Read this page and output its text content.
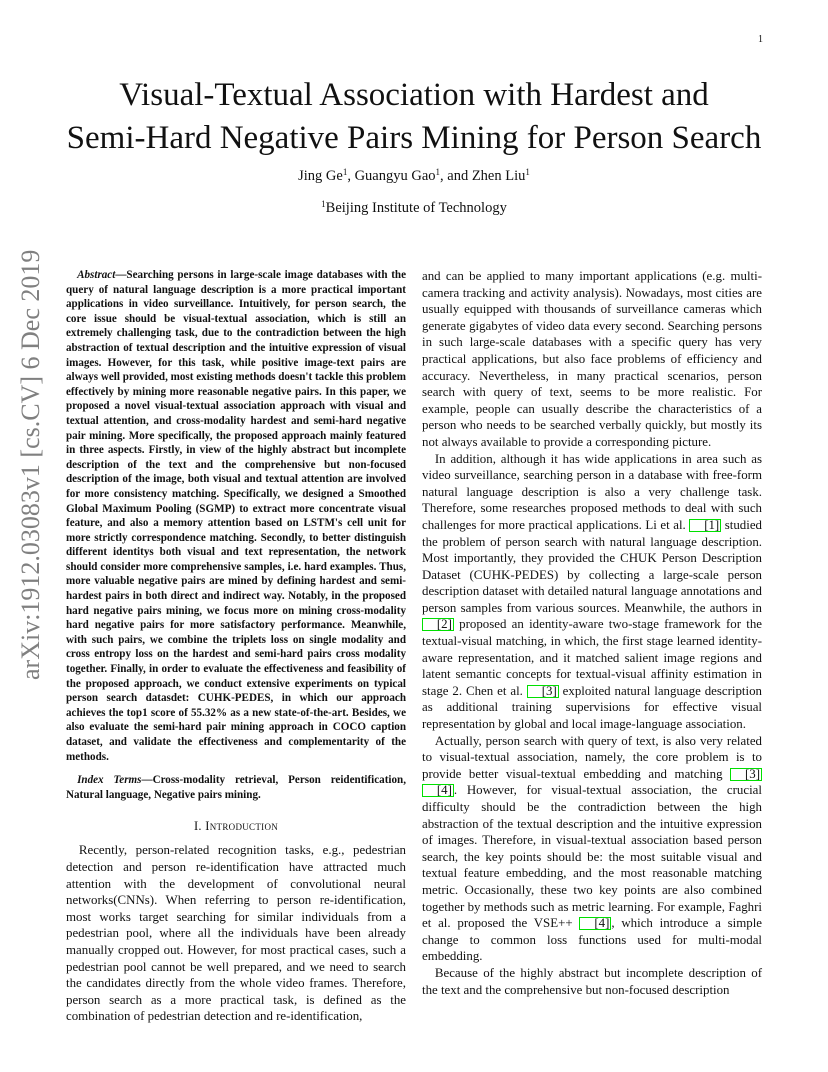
1
arXiv:1912.03083v1 [cs.CV] 6 Dec 2019
Visual-Textual Association with Hardest and
Semi-Hard Negative Pairs Mining for Person Search
Jing Ge$^1$, Guangyu Gao$^1$, and Zhen Liu$^1$
$^1$Beijing Institute of Technology

Abstract—Searching persons in large-scale image databases with the query of natural language description is a more practical important applications in video surveillance. Intuitively, for person search, the core issue should be visual-textual association, which is still an extremely challenging task, due to the contradiction between the high abstraction of textual description and the intuitive expression of visual images. However, for this task, while positive image-text pairs are always well provided, most existing methods doesn't tackle this problem effectively by mining more reasonable negative pairs. In this paper, we proposed a novel visual-textual association approach with visual and textual attention, and cross-modality hardest and semi-hard negative pair mining. More specifically, the proposed approach mainly featured in three aspects. Firstly, in view of the highly abstract but incomplete description of the text and the comprehensive but non-focused description of the image, both visual and textual attention are involved for more consistency matching. Specifically, we designed a Smoothed Global Maximum Pooling (SGMP) to extract more concentrate visual feature, and also a memory attention based on LSTM's cell unit for more strictly correspondence matching. Secondly, to better distinguish different identitys both visual and text representation, the network should consider more comprehensive samples, i.e. hard examples. Thus, more valuable negative pairs are mined by defining hardest and semi-hardest pairs in both direct and indirect way. Notably, in the proposed hard negative pairs mining, we focus more on mining cross-modality hard negative pairs for more satisfactory performance. Meanwhile, with such pairs, we combine the triplets loss on single modality and cross entropy loss on the hardest and semi-hard pairs cross modality together. Finally, in order to evaluate the effectiveness and feasibility of the proposed approach, we conduct extensive experiments on typical person search datasdet: CUHK-PEDES, in which our approach achieves the top1 score of 55.32% as a new state-of-the-art. Besides, we also evaluate the semi-hard pair mining approach in COCO caption dataset, and validate the effectiveness and complementarity of the methods.

Index Terms—Cross-modality retrieval, Person reidentification, Natural language, Negative pairs mining.

I. Introduction

Recently, person-related recognition tasks, e.g., pedestrian detection and person re-identification have attracted much attention with the development of convolutional neural networks(CNNs). When referring to person re-identification, most works target searching for similar individuals from a pedestrian pool, where all the individuals have been already manually cropped out. However, for most practical cases, such a pedestrian pool cannot be well prepared, and we need to search the candidates directly from the whole video frames. Therefore, person search as a more practical task, is defined as the combination of pedestrian detection and re-identification,

and can be applied to many important applications (e.g. multi-camera tracking and activity analysis). Nowadays, most cities are usually equipped with thousands of surveillance cameras which generate gigabytes of video data every second. Searching persons in such large-scale databases with a specific query has very practical applications, but also face problems of efficiency and accuracy. Nevertheless, in many practical scenarios, person search with query of text, seems to be more realistic. For example, people can usually describe the characteristics of a person who needs to be searched verbally quickly, but mostly its not always available to provide a corresponding picture.

In addition, although it has wide applications in area such as video surveillance, searching person in a database with free-form natural language description is also a very challenge task. Therefore, some researches proposed methods to deal with such challenges for more practical applications. Li et al. [1] studied the problem of person search with natural language description. Most importantly, they provided the CHUK Person Description Dataset (CUHK-PEDES) by collecting a large-scale person description dataset with detailed natural language annotations and person samples from various sources. Meanwhile, the authors in [2] proposed an identity-aware two-stage framework for the textual-visual matching, in which, the first stage learned identity-aware representation, and it matched salient image regions and latent semantic concepts for textual-visual affinity estimation in stage 2. Chen et al. [3] exploited natural language description as additional training supervisions for effective visual representation by global and local image-language association.

Actually, person search with query of text, is also very related to visual-textual association, namely, the core problem is to provide better visual-textual embedding and matching [3] [4] . However, for visual-textual association, the crucial difficulty should be the contradiction between the high abstraction of the textual description and the intuitive expression of images. Therefore, in visual-textual association based person search, the key points should be: the most suitable visual and textual feature embedding, and the most reasonable matching metric. Occasionally, these two key points are also combined together by methods such as metric learning. For example, Faghri et al. proposed the VSE++ [4] , which introduce a simple change to common loss functions used for multi-modal embedding.

Because of the highly abstract but incomplete description of the text and the comprehensive but non-focused description
